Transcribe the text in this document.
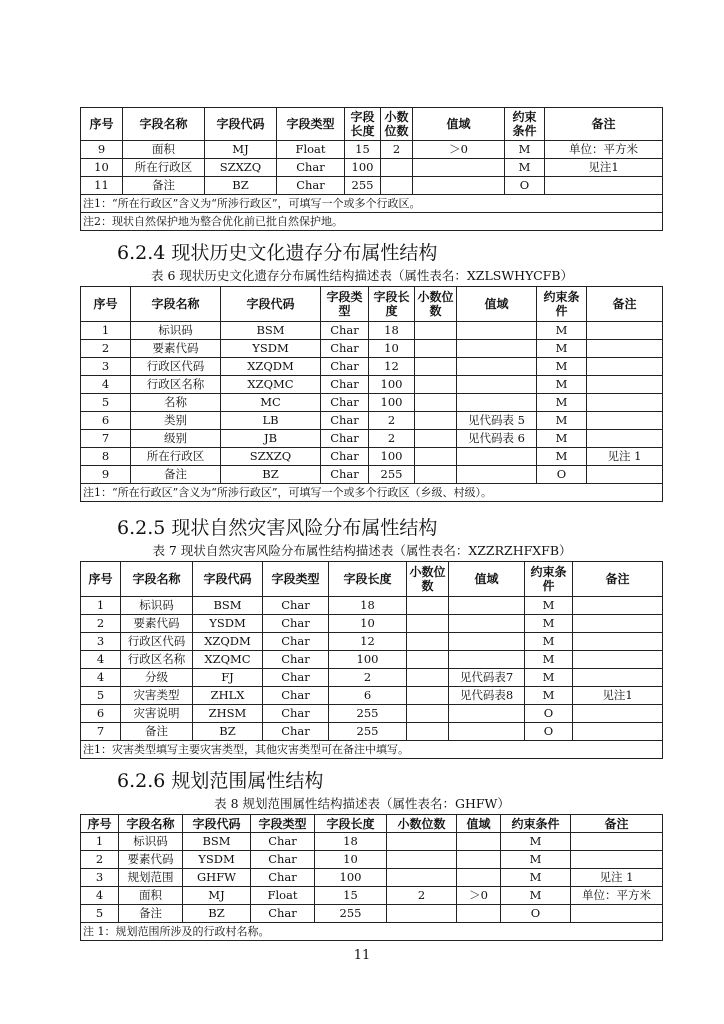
序号	字段名称	字段代码	字段类型	字段长度	小数位数	值域	约束条件	备注
9	面积	MJ	Float	15	2	＞0	M	单位：平方米
10	所在行政区	SZXZQ	Char	100			M	见注1
11	备注	BZ	Char	255			O	
注1：“所在行政区”含义为“所涉行政区”，可填写一个或多个行政区。								
注2：现状自然保护地为整合优化前已批自然保护地。								
6.2.4 现状历史文化遗存分布属性结构
表 6 现状历史文化遗存分布属性结构描述表（属性表名：XZLSWHYCFB）
序号	字段名称	字段代码	字段类型	字段长度	小数位数	值域	约束条件	备注
1	标识码	BSM	Char	18			M	
2	要素代码	YSDM	Char	10			M	
3	行政区代码	XZQDM	Char	12			M	
4	行政区名称	XZQMC	Char	100			M	
5	名称	MC	Char	100			M	
6	类别	LB	Char	2		见代码表 5	M	
7	级别	JB	Char	2		见代码表 6	M	
8	所在行政区	SZXZQ	Char	100			M	见注 1
9	备注	BZ	Char	255			O	
注1：“所在行政区”含义为“所涉行政区”，可填写一个或多个行政区（乡级、村级）。								
6.2.5 现状自然灾害风险分布属性结构
表 7 现状自然灾害风险分布属性结构描述表（属性表名：XZZRZHFXFB）
序号	字段名称	字段代码	字段类型	字段长度	小数位数	值域	约束条件	备注
1	标识码	BSM	Char	18			M	
2	要素代码	YSDM	Char	10			M	
3	行政区代码	XZQDM	Char	12			M	
4	行政区名称	XZQMC	Char	100			M	
4	分级	FJ	Char	2		见代码表7	M	
5	灾害类型	ZHLX	Char	6		见代码表8	M	见注1
6	灾害说明	ZHSM	Char	255			O	
7	备注	BZ	Char	255			O	
注1：灾害类型填写主要灾害类型，其他灾害类型可在备注中填写。								
6.2.6 规划范围属性结构
表 8 规划范围属性结构描述表（属性表名：GHFW）
序号	字段名称	字段代码	字段类型	字段长度	小数位数	值域	约束条件	备注
1	标识码	BSM	Char	18			M	
2	要素代码	YSDM	Char	10			M	
3	规划范围	GHFW	Char	100			M	见注 1
4	面积	MJ	Float	15	2	＞0	M	单位：平方米
5	备注	BZ	Char	255			O	
注 1：规划范围所涉及的行政村名称。								
11
